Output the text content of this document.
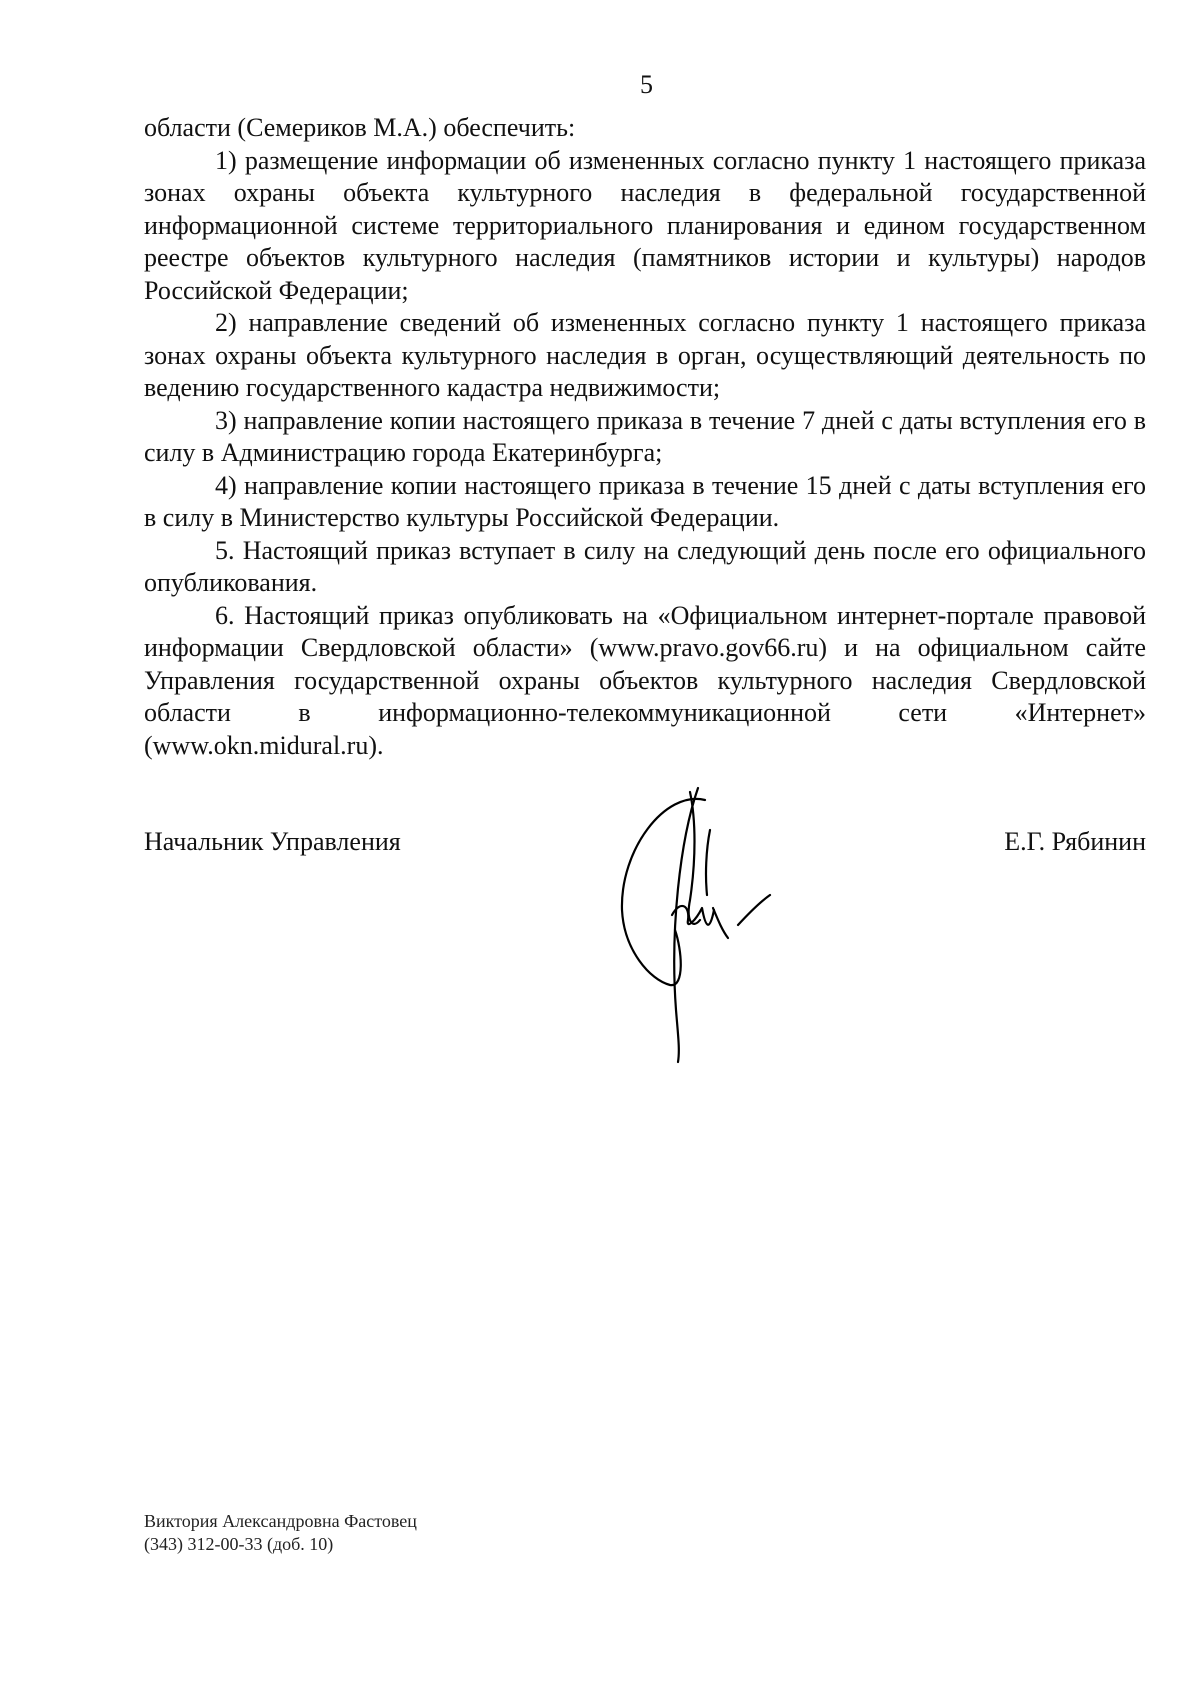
5

области (Семериков М.А.) обеспечить:

1) размещение информации об измененных согласно пункту 1 настоящего приказа зонах охраны объекта культурного наследия в федеральной государственной информационной системе территориального планирования и едином государственном реестре объектов культурного наследия (памятников истории и культуры) народов Российской Федерации;

2) направление сведений об измененных согласно пункту 1 настоящего приказа зонах охраны объекта культурного наследия в орган, осуществляющий деятельность по ведению государственного кадастра недвижимости;

3) направление копии настоящего приказа в течение 7 дней с даты вступления его в силу в Администрацию города Екатеринбурга;

4) направление копии настоящего приказа в течение 15 дней с даты вступления его в силу в Министерство культуры Российской Федерации.

5. Настоящий приказ вступает в силу на следующий день после его официального опубликования.

6. Настоящий приказ опубликовать на «Официальном интернет-портале правовой информации Свердловской области» (www.pravo.gov66.ru) и на официальном сайте Управления государственной охраны объектов культурного наследия Свердловской области в информационно-телекоммуникационной сети «Интернет» (www.okn.midural.ru).

Начальник Управления	Е.Г. Рябинин
Виктория Александровна Фастовец
(343) 312-00-33 (доб. 10)
